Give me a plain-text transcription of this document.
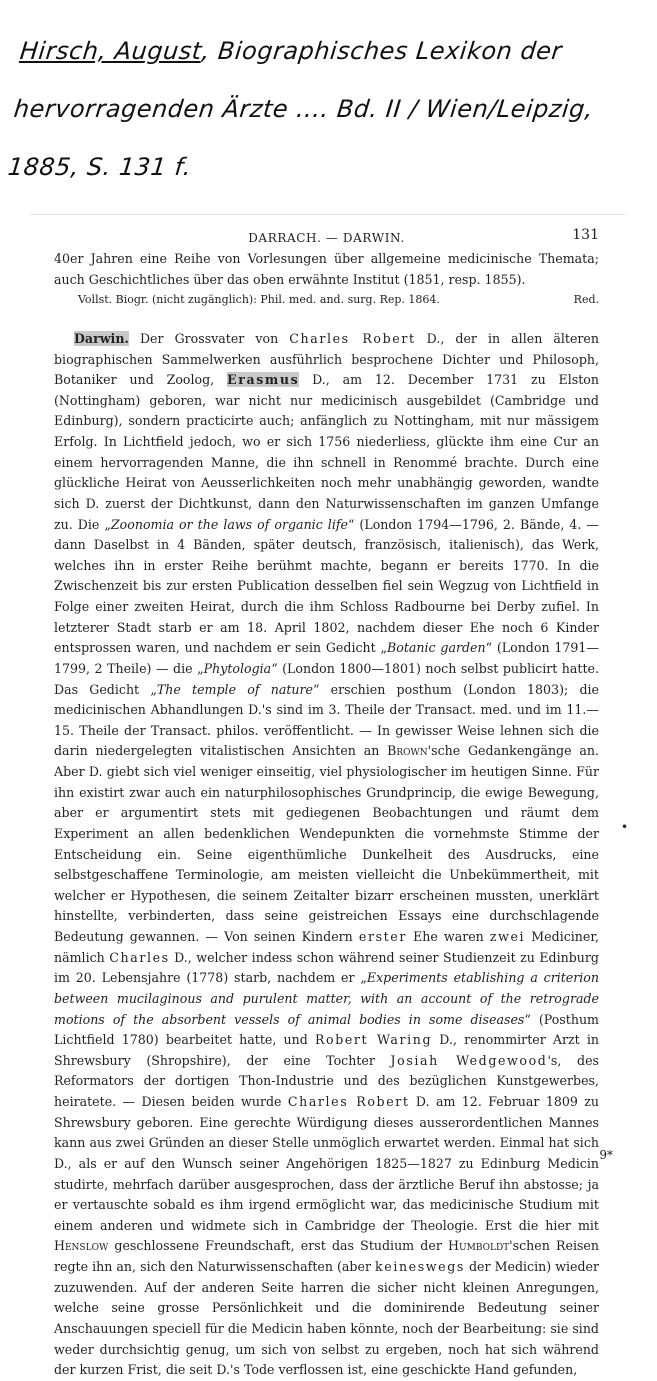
Hirsch, August, Biographisches Lexikon der
hervorragenden Ärzte .... Bd. II / Wien/Leipzig,
1885, S. 131 f.
DARRACH. — DARWIN.	131

40er Jahren eine Reihe von Vorlesungen über allgemeine medicinische Themata; auch Geschichtliches über das oben erwähnte Institut (1851, resp. 1855).

Vollst. Biogr. (nicht zugänglich): Phil. med. and. surg. Rep. 1864.	Red.

Darwin. Der Grossvater von Charles Robert D., der in allen älteren biographischen Sammelwerken ausführlich besprochene Dichter und Philosoph, Botaniker und Zoolog, Erasmus D., am 12. December 1731 zu Elston (Nottingham) geboren, war nicht nur medicinisch ausgebildet (Cambridge und Edinburg), sondern practicirte auch; anfänglich zu Nottingham, mit nur mässigem Erfolg. In Lichtfield jedoch, wo er sich 1756 niederliess, glückte ihm eine Cur an einem hervorragenden Manne, die ihn schnell in Renommé brachte. Durch eine glückliche Heirat von Aeusserlichkeiten noch mehr unabhängig geworden, wandte sich D. zuerst der Dichtkunst, dann den Naturwissenschaften im ganzen Umfange zu. Die „Zoonomia or the laws of organic life“ (London 1794—1796, 2. Bände, 4. — dann Daselbst in 4 Bänden, später deutsch, französisch, italienisch), das Werk, welches ihn in erster Reihe berühmt machte, begann er bereits 1770. In die Zwischenzeit bis zur ersten Publication desselben fiel sein Wegzug von Lichtfield in Folge einer zweiten Heirat, durch die ihm Schloss Radbourne bei Derby zufiel. In letzterer Stadt starb er am 18. April 1802, nachdem dieser Ehe noch 6 Kinder entsprossen waren, und nachdem er sein Gedicht „Botanic garden“ (London 1791—1799, 2 Theile) — die „Phytologia“ (London 1800—1801) noch selbst publicirt hatte. Das Gedicht „The temple of nature“ erschien posthum (London 1803); die medicinischen Abhandlungen D.'s sind im 3. Theile der Transact. med. und im 11.—15. Theile der Transact. philos. veröffentlicht. — In gewisser Weise lehnen sich die darin niedergelegten vitalistischen Ansichten an Brown'sche Gedankengänge an. Aber D. giebt sich viel weniger einseitig, viel physiologischer im heutigen Sinne. Für ihn existirt zwar auch ein naturphilosophisches Grundprincip, die ewige Bewegung, aber er argumentirt stets mit gediegenen Beobachtungen und räumt dem Experiment an allen bedenklichen Wendepunkten die vornehmste Stimme der Entscheidung ein. Seine eigenthümliche Dunkelheit des Ausdrucks, eine selbstgeschaffene Terminologie, am meisten vielleicht die Unbekümmertheit, mit welcher er Hypothesen, die seinem Zeitalter bizarr erscheinen mussten, unerklärt hinstellte, verbinderten, dass seine geistreichen Essays eine durchschlagende Bedeutung gewannen. — Von seinen Kindern erster Ehe waren zwei Mediciner, nämlich Charles D., welcher indess schon während seiner Studienzeit zu Edinburg im 20. Lebensjahre (1778) starb, nachdem er „Experiments etablishing a criterion between mucilaginous and purulent matter, with an account of the retrograde motions of the absorbent vessels of animal bodies in some diseases“ (Posthum Lichtfield 1780) bearbeitet hatte, und Robert Waring D., renommirter Arzt in Shrewsbury (Shropshire), der eine Tochter Josiah Wedgewood's, des Reformators der dortigen Thon-Industrie und des bezüglichen Kunstgewerbes, heiratete. — Diesen beiden wurde Charles Robert D. am 12. Februar 1809 zu Shrewsbury geboren. Eine gerechte Würdigung dieses ausserordentlichen Mannes kann aus zwei Gründen an dieser Stelle unmöglich erwartet werden. Einmal hat sich D., als er auf den Wunsch seiner Angehörigen 1825—1827 zu Edinburg Medicin studirte, mehrfach darüber ausgesprochen, dass der ärztliche Beruf ihn abstosse; ja er vertauschte sobald es ihm irgend ermöglicht war, das medicinische Studium mit einem anderen und widmete sich in Cambridge der Theologie. Erst die hier mit Henslow geschlossene Freundschaft, erst das Studium der Humboldt'schen Reisen regte ihn an, sich den Naturwissenschaften (aber keineswegs der Medicin) wieder zuzuwenden. Auf der anderen Seite harren die sicher nicht kleinen Anregungen, welche seine grosse Persönlichkeit und die dominirende Bedeutung seiner Anschauungen speciell für die Medicin haben könnte, noch der Bearbeitung: sie sind weder durchsichtig genug, um sich von selbst zu ergeben, noch hat sich während der kurzen Frist, die seit D.'s Tode verflossen ist, eine geschickte Hand gefunden,

•
9*
